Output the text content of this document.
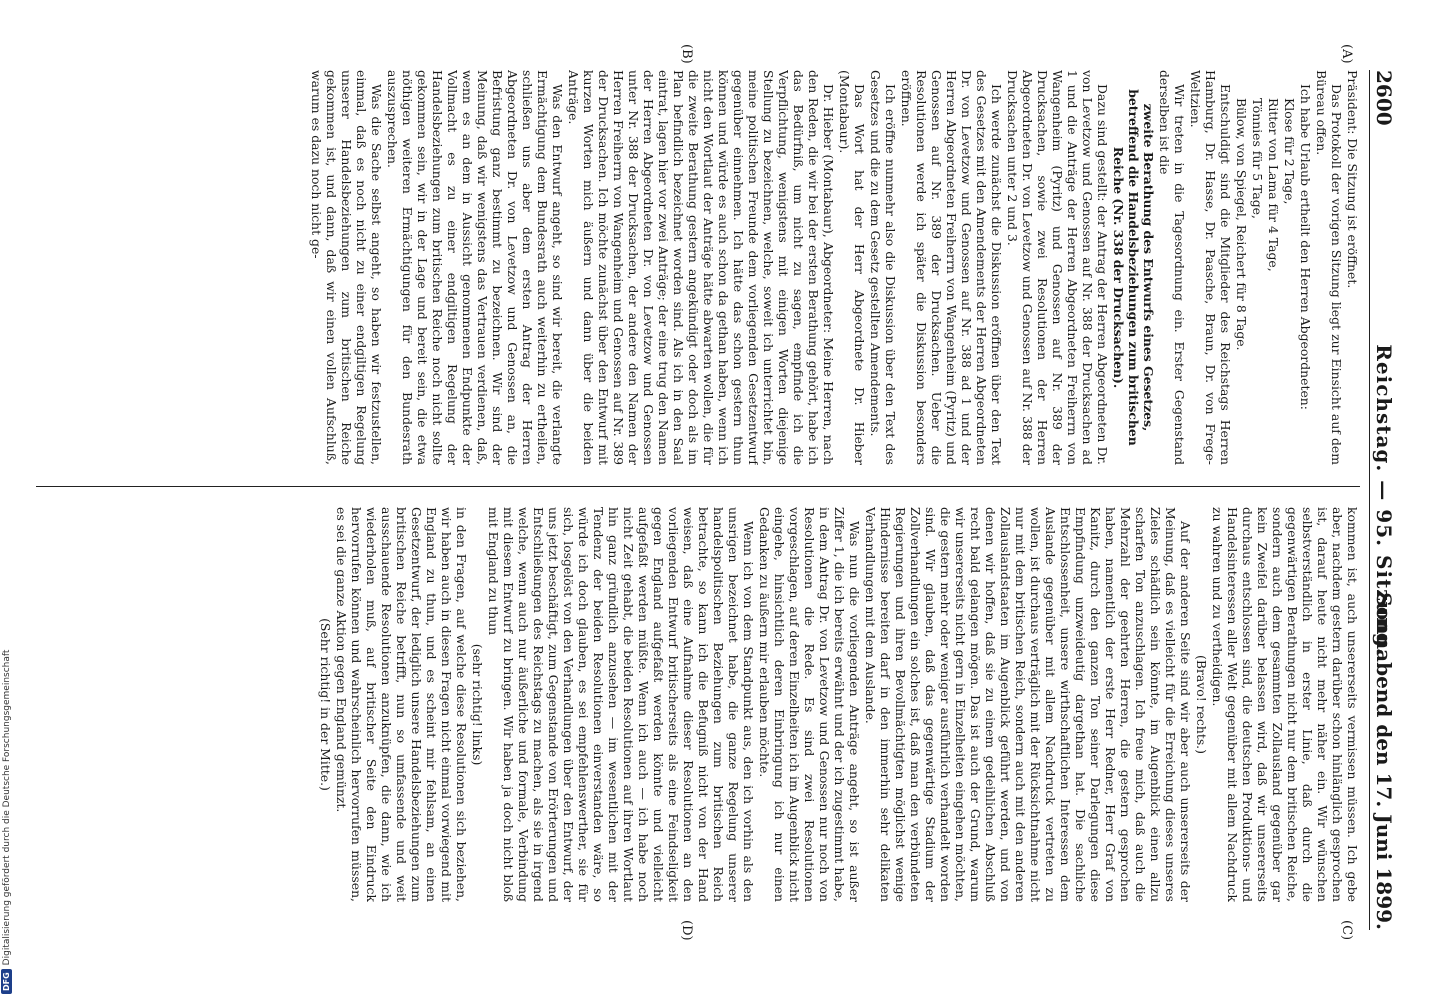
2600
Reichstag. — 95. Sitzung.
Sonnabend den 17. Juni 1899.
(A)
(B)
(C)
(D)

Präsident: Die Sitzung ist eröffnet.

Das Protokoll der vorigen Sitzung liegt zur Einsicht auf dem Büreau offen.

Ich habe Urlaub ertheilt den Herren Abgeordneten:

Klose für 2 Tage,

Ritter von Lama für 4 Tage,

Tönnies für 5 Tage,

Bülow, von Spiegel, Reichert für 8 Tage.

Entschuldigt sind die Mitglieder des Reichstags Herren Hamburg, Dr. Hasse, Dr. Paasche, Braun, Dr. von Frege-Weltzien.

Wir treten in die Tagesordnung ein. Erster Gegenstand derselben ist die

zweite Berathung des Entwurfs eines Gesetzes, betreffend die Handelsbeziehungen zum britischen Reiche (Nr. 338 der Drucksachen).

Dazu sind gestellt: der Antrag der Herren Abgeordneten Dr. von Levetzow und Genossen auf Nr. 388 der Drucksachen ad 1 und die Anträge der Herren Abgeordneten Freiherrn von Wangenheim (Pyritz) und Genossen auf Nr. 389 der Drucksachen, sowie zwei Resolutionen der Herren Abgeordneten Dr. von Levetzow und Genossen auf Nr. 388 der Drucksachen unter 2 und 3.

Ich werde zunächst die Diskussion eröffnen über den Text des Gesetzes mit den Amendements der Herren Abgeordneten Dr. von Levetzow und Genossen auf Nr. 388 ad 1 und der Herren Abgeordneten Freiherrn von Wangenheim (Pyritz) und Genossen auf Nr. 389 der Drucksachen. Ueber die Resolutionen werde ich später die Diskussion besonders eröffnen.

Ich eröffne nunmehr also die Diskussion über den Text des Gesetzes und die zu dem Gesetz gestellten Amendements.

Das Wort hat der Herr Abgeordnete Dr. Hieber (Montabaur).

Dr. Hieber (Montabaur), Abgeordneter: Meine Herren, nach den Reden, die wir bei der ersten Berathung gehört, habe ich das Bedürfniß, um nicht zu sagen, empfinde ich die Verpflichtung, wenigstens mit einigen Worten diejenige Stellung zu bezeichnen, welche, soweit ich unterrichtet bin, meine politischen Freunde dem vorliegenden Gesetzentwurf gegenüber einnehmen. Ich hätte das schon gestern thun können und würde es auch schon da gethan haben, wenn ich nicht den Wortlaut der Anträge hätte abwarten wollen, die für die zweite Berathung gestern angekündigt oder doch als im Plan befindlich bezeichnet worden sind. Als ich in den Saal eintrat, lagen hier vor zwei Anträge; der eine trug den Namen der Herren Abgeordneten Dr. von Levetzow und Genossen unter Nr. 388 der Drucksachen, der andere den Namen der Herren Freiherrn von Wangenheim und Genossen auf Nr. 389 der Drucksachen. Ich möchte zunächst über den Entwurf mit kurzen Worten mich äußern und dann über die beiden Anträge.

Was den Entwurf angeht, so sind wir bereit, die verlangte Ermächtigung dem Bundesrath auch weiterhin zu ertheilen, schließen uns aber dem ersten Antrag der Herren Abgeordneten Dr. von Levetzow und Genossen an, die Befristung ganz bestimmt zu bezeichnen. Wir sind der Meinung, daß wir wenigstens das Vertrauen verdienen, daß, wenn es an dem in Aussicht genommenen Endpunkte der Vollmacht es zu einer endgiltigen Regelung der Handelsbeziehungen zum britischen Reiche noch nicht sollte gekommen sein, wir in der Lage und bereit sein, die etwa nöthigen weiteren Ermächtigungen für den Bundesrath auszusprechen.

Was die Sache selbst angeht, so haben wir festzustellen, einmal, daß es noch nicht zu einer endgiltigen Regelung unserer Handelsbeziehungen zum britischen Reiche gekommen ist, und dann, daß wir einen vollen Aufschluß, warum es dazu noch nicht ge-

kommen ist, auch unsererseits vermissen müssen. Ich gebe aber, nachdem gestern darüber schon hinlänglich gesprochen ist, darauf heute nicht mehr näher ein. Wir wünschen selbstverständlich in erster Linie, daß durch die gegenwärtigen Berathungen nicht nur dem britischen Reiche, sondern auch dem gesammten Zollausland gegenüber gar kein Zweifel darüber belassen wird, daß wir unsererseits durchaus entschlossen sind, die deutschen Produktions- und Handelsinteressen aller Welt gegenüber mit allem Nachdruck zu wahren und zu vertheidigen.

(Bravo! rechts.)

Auf der anderen Seite sind wir aber auch unsererseits der Meinung, daß es vielleicht für die Erreichung dieses unseres Zieles schädlich sein könnte, im Augenblick einen allzu scharfen Ton anzuschlagen. Ich freue mich, daß auch die Mehrzahl der geehrten Herren, die gestern gesprochen haben, namentlich der erste Herr Redner, Herr Graf von Kanitz, durch den ganzen Ton seiner Darlegungen diese Empfindung unzweideutig dargethan hat. Die sachliche Entschlossenheit, unsere wirthschaftlichen Interessen dem Auslande gegenüber mit allem Nachdruck vertreten zu wollen, ist durchaus verträglich mit der Rücksichtnahme nicht nur mit dem britischen Reich, sondern auch mit den anderen Zollauslandstaaten im Augenblick geführt werden, und von denen wir hoffen, daß sie zu einem gedeihlichen Abschluß recht bald gelangen mögen. Das ist auch der Grund, warum wir unsererseits nicht gern in Einzelheiten eingehen möchten, die gestern mehr oder weniger ausführlich verhandelt worden sind. Wir glauben, daß das gegenwärtige Stadium der Zollverhandlungen ein solches ist, daß man den verbündeten Regierungen und ihren Bevollmächtigten möglichst wenige Hindernisse bereiten darf in den immerhin sehr delikaten Verhandlungen mit dem Auslande.

Was nun die vorliegenden Anträge angeht, so ist außer Ziffer 1, die ich bereits erwähnt und der ich zugestimmt habe, in dem Antrag Dr. von Levetzow und Genossen nur noch von Resolutionen die Rede. Es sind zwei Resolutionen vorgeschlagen, auf deren Einzelheiten ich im Augenblick nicht eingehe, hinsichtlich deren Einbringung ich nur einen Gedanken zu äußern mir erlauben möchte.

Wenn ich von dem Standpunkt aus, den ich vorhin als den unsrigen bezeichnet habe, die ganze Regelung unserer handelspolitischen Beziehungen zum britischen Reich betrachte, so kann ich die Befugniß nicht von der Hand weisen, daß eine Aufnahme dieser Resolutionen an den vorliegenden Entwurf britischerseits als eine Feindseligkeit gegen England aufgefaßt werden könnte und vielleicht aufgefaßt werden müßte. Wenn ich auch — ich habe noch nicht Zeit gehabt, die beiden Resolutionen auf ihren Wortlaut hin ganz gründlich anzusehen — im wesentlichen mit der Tendenz der beiden Resolutionen einverstanden wäre, so würde ich doch glauben, es sei empfehlenswerther, sie für sich, losgelöst von den Verhandlungen über den Entwurf, der uns jetzt beschäftigt, zum Gegenstande von Erörterungen und Entschließungen des Reichstags zu machen, als sie in irgend welche, wenn auch nur äußerliche und formale, Verbindung mit diesem Entwurf zu bringen. Wir haben ja doch nicht bloß mit England zu thun

(sehr richtig! links)

in den Fragen, auf welche diese Resolutionen sich beziehen, wir haben auch in diesen Fragen nicht einmal vorwiegend mit England zu thun, und es scheint mir fehlsam, an einen Gesetzentwurf, der lediglich unsere Handelsbeziehungen zum britischen Reiche betrifft, nun so umfassende und weit ausschauende Resolutionen anzuknüpfen, die dann, wie ich wiederholen muß, auf britischer Seite den Eindruck hervorrufen können und wahrscheinlich hervorrufen müssen, es sei die ganze Aktion gegen England gemünzt.

(Sehr richtig! in der Mitte.)

DFG
Digitalisierung gefördert durch die Deutsche Forschungsgemeinschaft
